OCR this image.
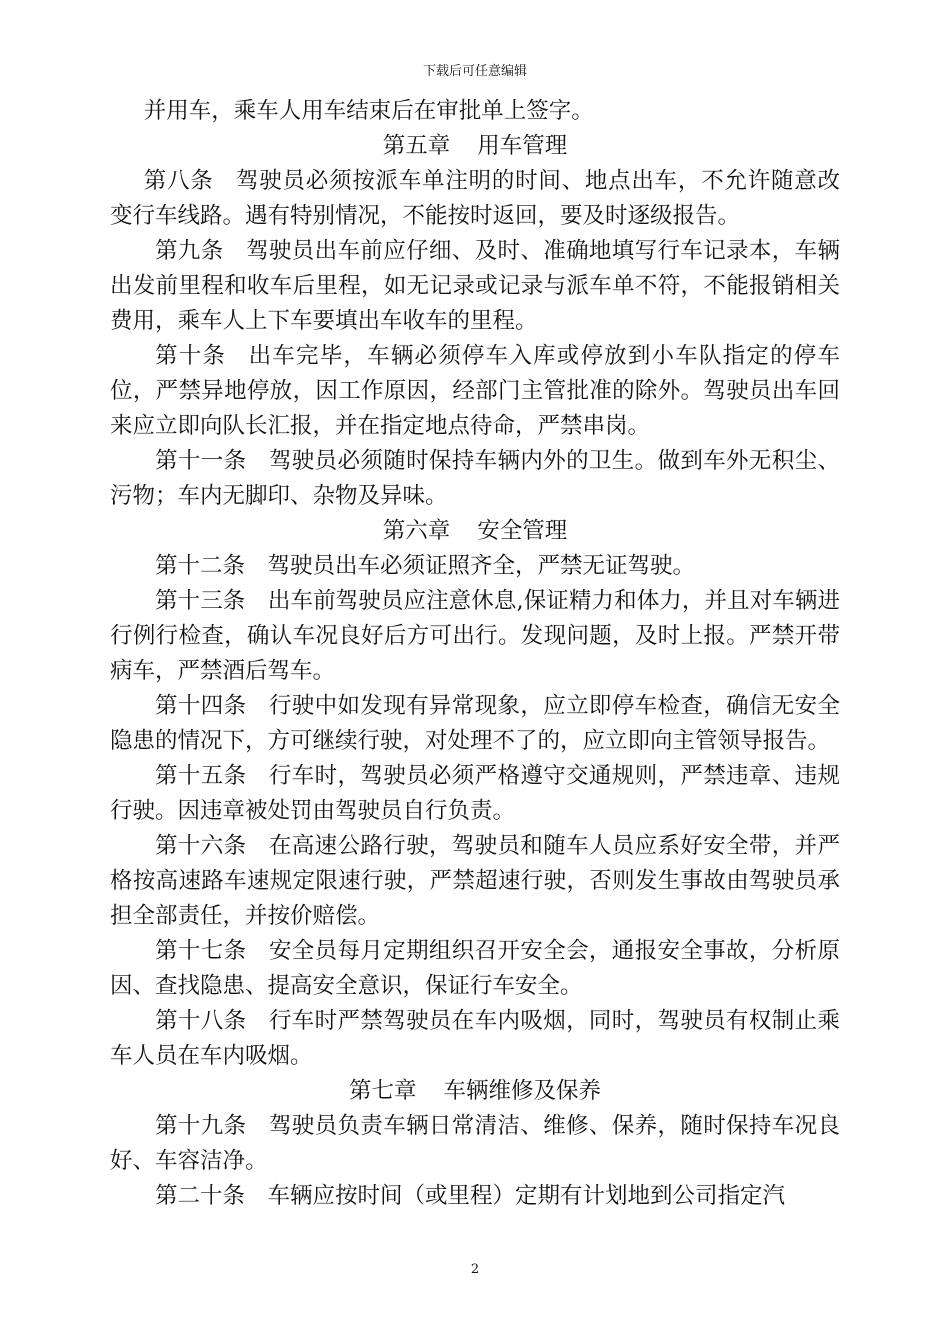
下载后可任意编辑

并用车，乘车人用车结束后在审批单上签字。

第五章 用车管理

第八条 驾驶员必须按派车单注明的时间、地点出车，不允许随意改变行车线路。遇有特别情况，不能按时返回，要及时逐级报告。

第九条 驾驶员出车前应仔细、及时、准确地填写行车记录本，车辆出发前里程和收车后里程，如无记录或记录与派车单不符，不能报销相关费用，乘车人上下车要填出车收车的里程。

第十条 出车完毕，车辆必须停车入库或停放到小车队指定的停车位，严禁异地停放，因工作原因，经部门主管批准的除外。驾驶员出车回来应立即向队长汇报，并在指定地点待命，严禁串岗。

第十一条 驾驶员必须随时保持车辆内外的卫生。做到车外无积尘、污物；车内无脚印、杂物及异味。

第六章 安全管理

第十二条 驾驶员出车必须证照齐全，严禁无证驾驶。

第十三条 出车前驾驶员应注意休息,保证精力和体力，并且对车辆进行例行检查，确认车况良好后方可出行。发现问题，及时上报。严禁开带病车，严禁酒后驾车。

第十四条 行驶中如发现有异常现象，应立即停车检查，确信无安全隐患的情况下，方可继续行驶，对处理不了的，应立即向主管领导报告。

第十五条 行车时，驾驶员必须严格遵守交通规则，严禁违章、违规行驶。因违章被处罚由驾驶员自行负责。

第十六条 在高速公路行驶，驾驶员和随车人员应系好安全带，并严格按高速路车速规定限速行驶，严禁超速行驶，否则发生事故由驾驶员承担全部责任，并按价赔偿。

第十七条 安全员每月定期组织召开安全会，通报安全事故，分析原因、查找隐患、提高安全意识，保证行车安全。

第十八条 行车时严禁驾驶员在车内吸烟，同时，驾驶员有权制止乘车人员在车内吸烟。

第七章 车辆维修及保养

第十九条 驾驶员负责车辆日常清洁、维修、保养，随时保持车况良好、车容洁净。

第二十条 车辆应按时间（或里程）定期有计划地到公司指定汽

2
